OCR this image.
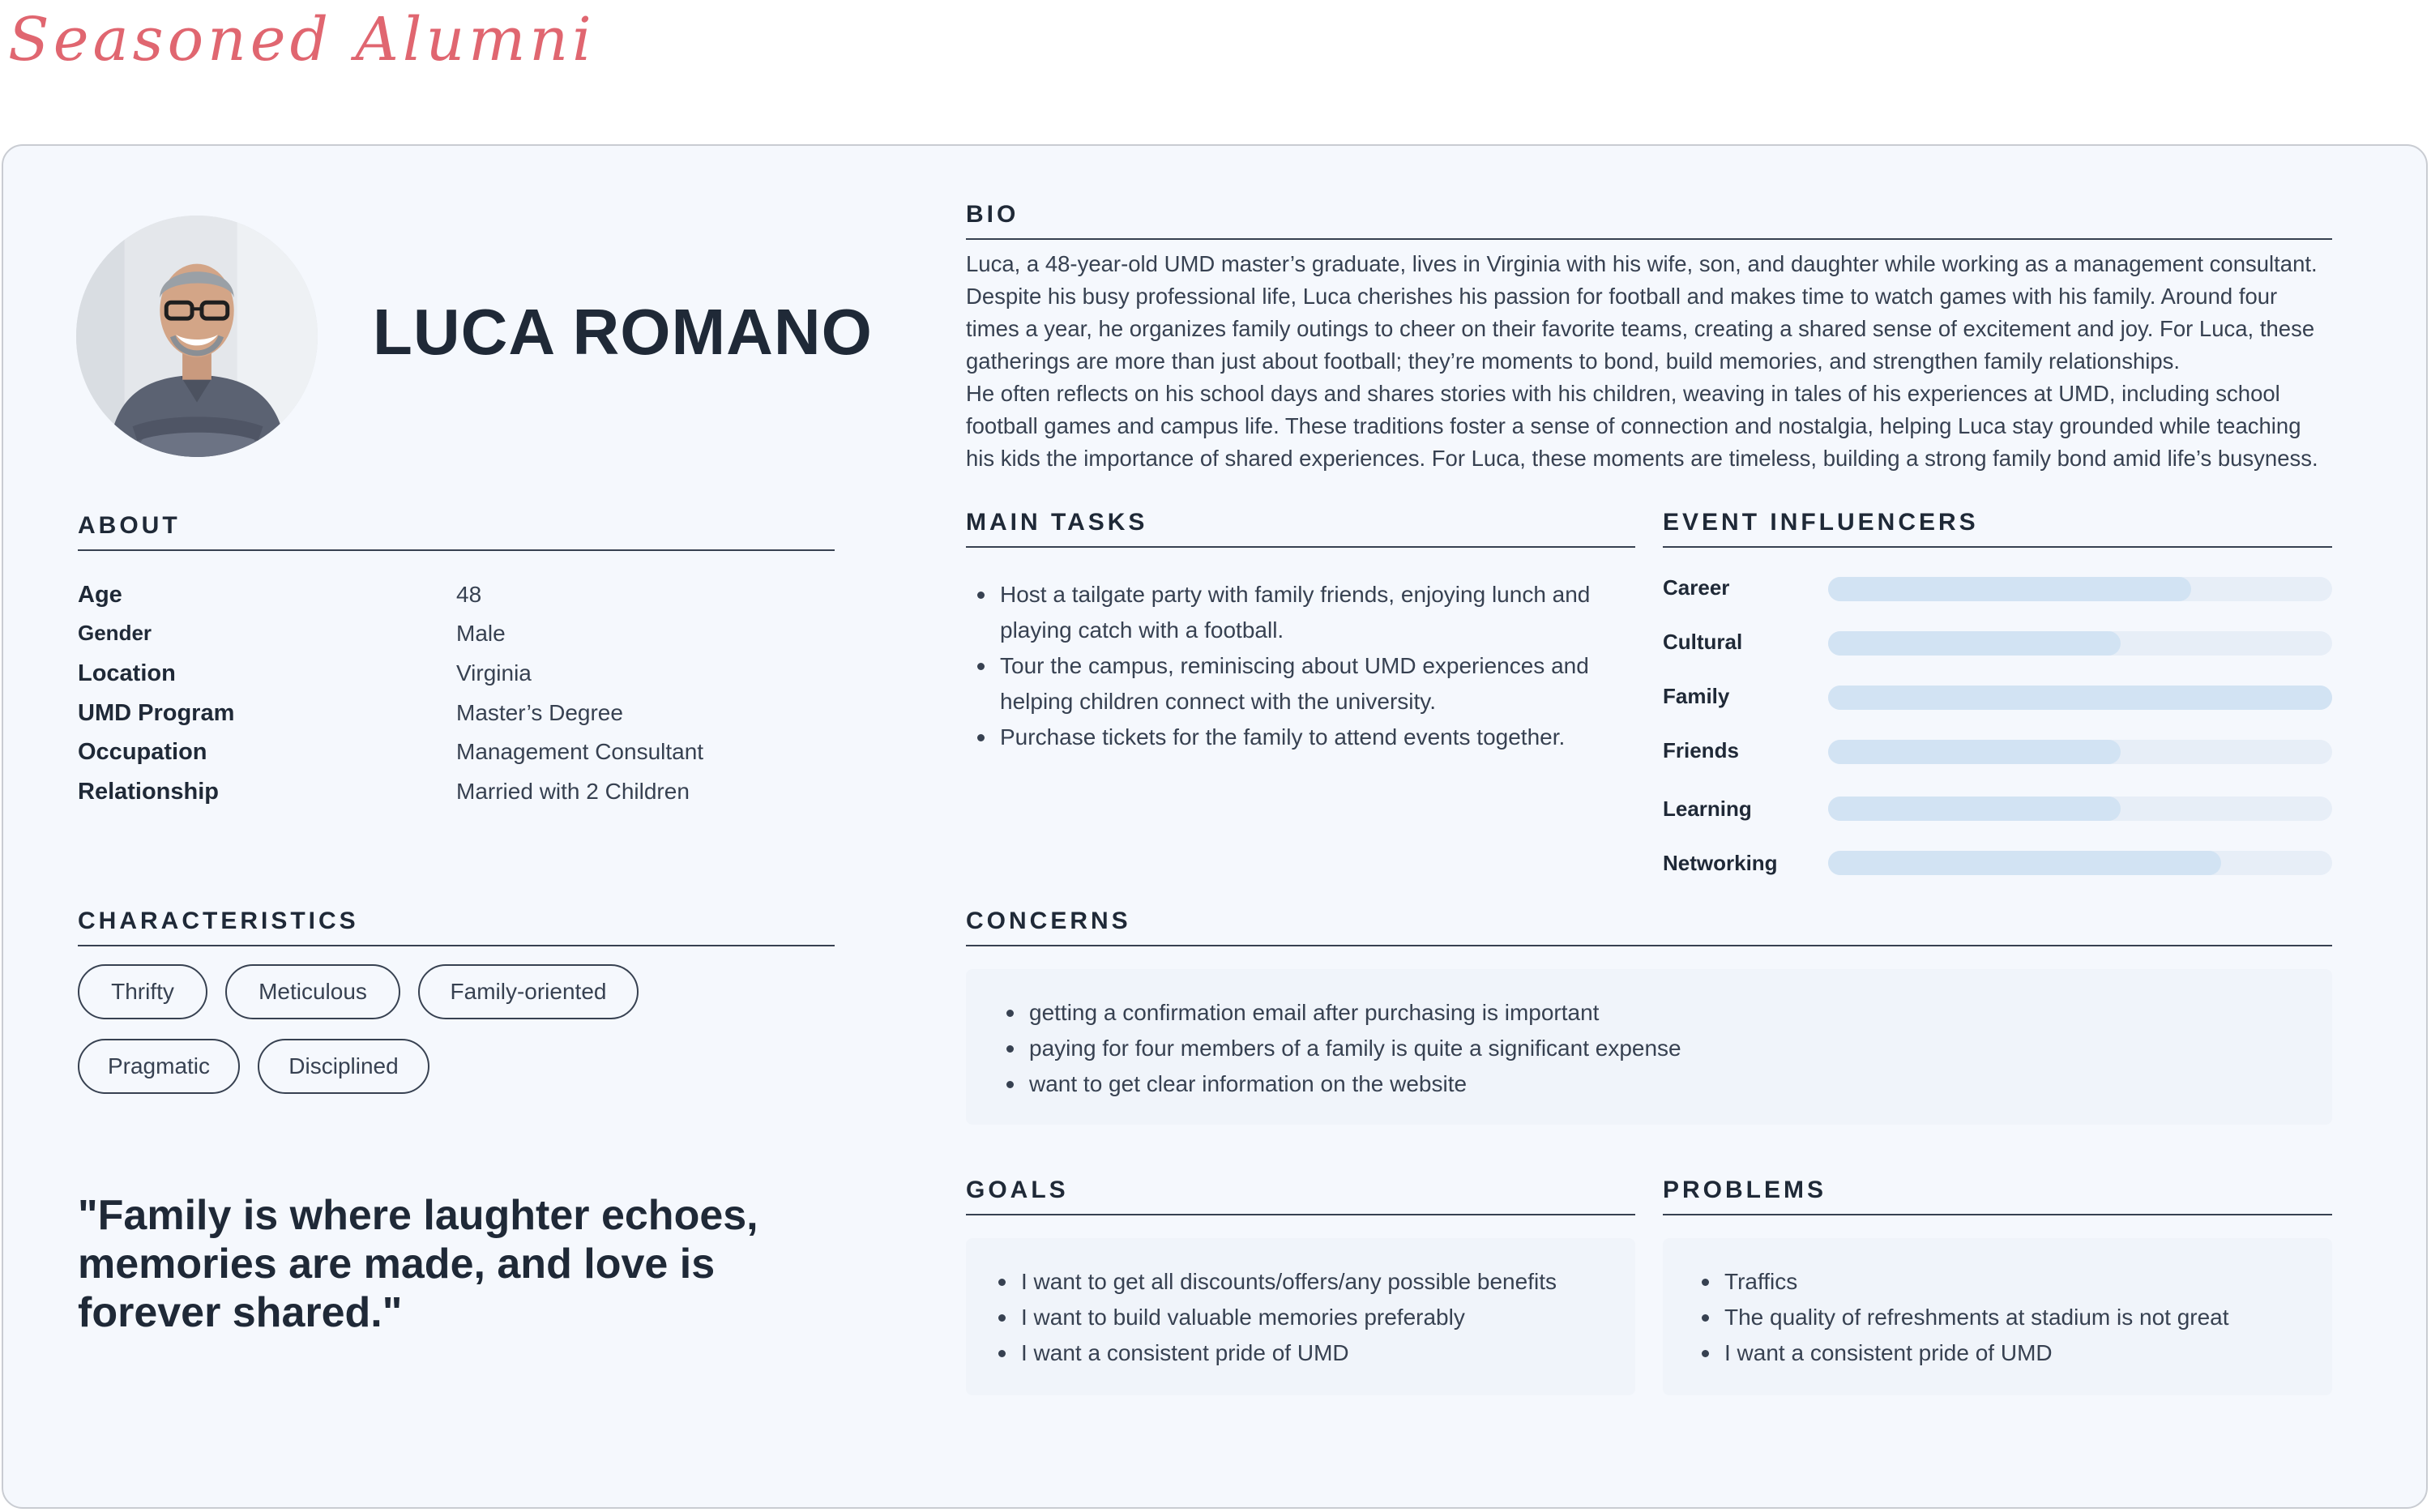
Seasoned Alumni
LUCA ROMANO
ABOUT
Age	48
Gender	Male
Location	Virginia
UMD Program	Master’s Degree
Occupation	Management Consultant
Relationship	Married with 2 Children
CHARACTERISTICS
Thrifty	Meticulous	Family-oriented
Pragmatic	Disciplined
"Family is where laughter echoes, memories are made, and love is forever shared."
BIO
Luca, a 48-year-old UMD master’s graduate, lives in Virginia with his wife, son, and daughter while working as a management consultant. Despite his busy professional life, Luca cherishes his passion for football and makes time to watch games with his family. Around four times a year, he organizes family outings to cheer on their favorite teams, creating a shared sense of excitement and joy. For Luca, these gatherings are more than just about football; they’re moments to bond, build memories, and strengthen family relationships.
He often reflects on his school days and shares stories with his children, weaving in tales of his experiences at UMD, including school football games and campus life. These traditions foster a sense of connection and nostalgia, helping Luca stay grounded while teaching his kids the importance of shared experiences. For Luca, these moments are timeless, building a strong family bond amid life’s busyness.
MAIN TASKS
Host a tailgate party with family friends, enjoying lunch and playing catch with a football.
Tour the campus, reminiscing about UMD experiences and helping children connect with the university.
Purchase tickets for the family to attend events together.
EVENT INFLUENCERS
Career
Cultural
Family
Friends
Learning
Networking
CONCERNS
getting a confirmation email after purchasing is important
paying for four members of a family is quite a significant expense
want to get clear information on the website
GOALS
I want to get all discounts/offers/any possible benefits
I want to build valuable memories preferably
I want a consistent pride of UMD
PROBLEMS
Traffics
The quality of refreshments at stadium is not great
I want a consistent pride of UMD
